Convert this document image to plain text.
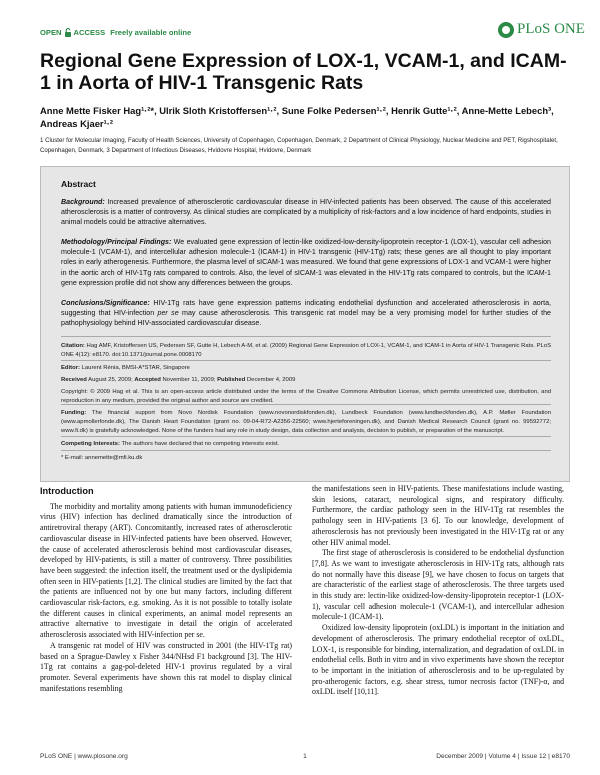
OPEN ACCESS Freely available online	PLoS ONE
Regional Gene Expression of LOX-1, VCAM-1, and ICAM-1 in Aorta of HIV-1 Transgenic Rats
Anne Mette Fisker Hag¹·²*, Ulrik Sloth Kristoffersen¹·², Sune Folke Pedersen¹·², Henrik Gutte¹·², Anne-Mette Lebech³, Andreas Kjaer¹·²
1 Cluster for Molecular Imaging, Faculty of Health Sciences, University of Copenhagen, Copenhagen, Denmark, 2 Department of Clinical Physiology, Nuclear Medicine and PET, Rigshospitalet, Copenhagen, Denmark, 3 Department of Infectious Diseases, Hvidovre Hospital, Hvidovre, Denmark
Abstract
Background: Increased prevalence of atherosclerotic cardiovascular disease in HIV-infected patients has been observed. The cause of this accelerated atherosclerosis is a matter of controversy. As clinical studies are complicated by a multiplicity of risk-factors and a low incidence of hard endpoints, studies in animal models could be attractive alternatives.
Methodology/Principal Findings: We evaluated gene expression of lectin-like oxidized-low-density-lipoprotein receptor-1 (LOX-1), vascular cell adhesion molecule-1 (VCAM-1), and intercellular adhesion molecule-1 (ICAM-1) in HIV-1 transgenic (HIV-1Tg) rats; these genes are all thought to play important roles in early atherogenesis. Furthermore, the plasma level of sICAM-1 was measured. We found that gene expressions of LOX-1 and VCAM-1 were higher in the aortic arch of HIV-1Tg rats compared to controls. Also, the level of sICAM-1 was elevated in the HIV-1Tg rats compared to controls, but the ICAM-1 gene expression profile did not show any differences between the groups.
Conclusions/Significance: HIV-1Tg rats have gene expression patterns indicating endothelial dysfunction and accelerated atherosclerosis in aorta, suggesting that HIV-infection per se may cause atherosclerosis. This transgenic rat model may be a very promising model for further studies of the pathophysiology behind HIV-associated cardiovascular disease.
Citation: Hag AMF, Kristoffersen US, Pedersen SF, Gutte H, Lebech A-M, et al. (2009) Regional Gene Expression of LOX-1, VCAM-1, and ICAM-1 in Aorta of HIV-1 Transgenic Rats. PLoS ONE 4(12): e8170. doi:10.1371/journal.pone.0008170
Editor: Laurent Rénia, BMSI-A*STAR, Singapore
Received August 25, 2009; Accepted November 11, 2009; Published December 4, 2009
Copyright: © 2009 Hag et al. This is an open-access article distributed under the terms of the Creative Commons Attribution License, which permits unrestricted use, distribution, and reproduction in any medium, provided the original author and source are credited.
Funding: The financial support from Novo Nordisk Foundation (www.novonordiskfonden.dk), Lundbeck Foundation (www.lundbeckfonden.dk), A.P. Møller Foundation (www.apmollerfonde.dk), The Danish Heart Foundation (grant no. 09-04-R72-A2356-22560; www.hjerteforeningen.dk), and Danish Medical Research Council (grant no. 99592772; www.fi.dk) is gratefully acknowledged. None of the funders had any role in study design, data collection and analysis, decision to publish, or preparation of the manuscript.
Competing Interests: The authors have declared that no competing interests exist.
* E-mail: annemette@mfi.ku.dk
Introduction

The morbidity and mortality among patients with human immunodeficiency virus (HIV) infection has declined dramatically since the introduction of antiretroviral therapy (ART). Concomitantly, increased rates of atherosclerotic cardiovascular disease in HIV-infected patients have been observed. However, the cause of accelerated atherosclerosis behind most cardiovascular diseases, developed by HIV-patients, is still a matter of controversy. Three possibilities have been suggested: the infection itself, the treatment used or the dyslipidemia often seen in HIV-patients [1,2]. The clinical studies are limited by the fact that the patients are influenced not by one but many factors, including different cardiovascular risk-factors, e.g. smoking. As it is not possible to totally isolate the different causes in clinical experiments, an animal model represents an attractive alternative to investigate in detail the origin of accelerated atherosclerosis associated with HIV-infection per se.

A transgenic rat model of HIV was constructed in 2001 (the HIV-1Tg rat) based on a Sprague-Dawley x Fisher 344/NHsd F1 background [3]. The HIV-1Tg rat contains a gag-pol-deleted HIV-1 provirus regulated by a viral promoter. Several experiments have shown this rat model to display clinical manifestations resembling

the manifestations seen in HIV-patients. These manifestations include wasting, skin lesions, cataract, neurological signs, and respiratory difficulty. Furthermore, the cardiac pathology seen in the HIV-1Tg rat resembles the pathology seen in HIV-patients [3 6]. To our knowledge, development of atherosclerosis has not previously been investigated in the HIV-1Tg rat or any other HIV animal model.

The first stage of atherosclerosis is considered to be endothelial dysfunction [7,8]. As we want to investigate atherosclerosis in HIV-1Tg rats, although rats do not normally have this disease [9], we have chosen to focus on targets that are characteristic of the earliest stage of atherosclerosis. The three targets used in this study are: lectin-like oxidized-low-density-lipoprotein receptor-1 (LOX-1), vascular cell adhesion molecule-1 (VCAM-1), and intercellular adhesion molecule-1 (ICAM-1).

Oxidized low-density lipoprotein (oxLDL) is important in the initiation and development of atherosclerosis. The primary endothelial receptor of oxLDL, LOX-1, is responsible for binding, internalization, and degradation of oxLDL in endothelial cells. Both in vitro and in vivo experiments have shown the receptor to be important in the initiation of atherosclerosis and to be up-regulated by pro-atherogenic factors, e.g. shear stress, tumor necrosis factor (TNF)-α, and oxLDL itself [10,11].

PLoS ONE | www.plosone.org	1	December 2009 | Volume 4 | Issue 12 | e8170
